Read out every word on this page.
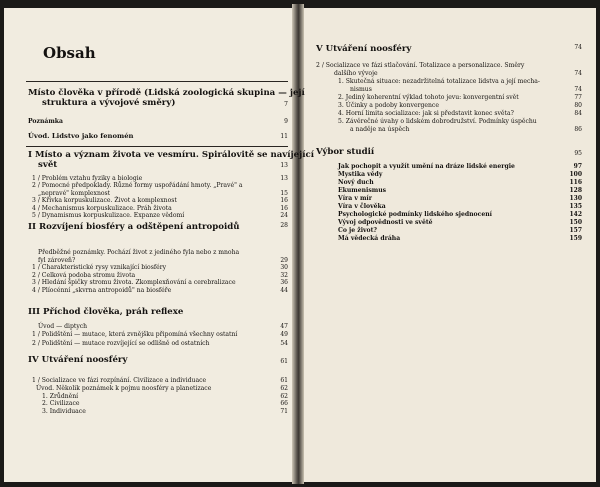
Obsah
Místo člověka v přírodě (Lidská zoologická skupina — její
struktura a vývojové směry)	7
Poznámka	9
Úvod. Lidstvo jako fenomén	11
I Místo a význam života ve vesmíru. Spirálovitě se navíjející
svět	13
1 / Problém vztahu fyziky a biologie	13
2 / Pomocné předpoklady. Různé formy uspořádání hmoty. „Pravé" a
„nepravé" komplexnost	15
3 / Křivka korpuskulizace. Život a komplexnost	16
4 / Mechanismus korpuskulizace. Práh života	16
5 / Dynamismus korpuskulizace. Expanze vědomí	24
II Rozvíjení biosféry a odštěpení antropoidů	28
Předběžné poznámky. Pochází život z jediného fyla nebo z mnoha
fyl zároveň?	29
1 / Charakteristické rysy vznikající biosféry	30
2 / Celková podoba stromu života	32
3 / Hledání špičky stromu života. Zkomplexňování a cerebralizace	36
4 / Plíocénní „skvrna antropoidů" na biosféře	44
III Příchod člověka, práh reflexe
Úvod — diptych	47
1 / Polidštění — mutace, která zvnějšku připomíná všechny ostatní	49
2 / Polidštění — mutace rozvíjející se odlišně od ostatních	54
IV Utváření noosféry	61
1 / Socializace ve fázi rozpínání. Civilizace a individuace	61
Úvod. Několik poznámek k pojmu noosféry a planetizace	62
1. Zrůdnění	62
2. Civilizace	66
3. Individuace	71
V Utváření noosféry	74
2 / Socializace ve fázi stlačování. Totalizace a personalizace. Směry
dalšího vývoje	74
1. Skutečná situace: nezadržitelná totalizace lidstva a její mecha-
nismus	74
2. Jediný koherentní výklad tohoto jevu: konvergentní svět	77
3. Účinky a podoby konvergence	80
4. Horní limita socializace: jak si představit konec světa?	84
5. Závěrečné úvahy o lidském dobrodružství. Podmínky úspěchu
a naděje na úspěch	86
Výbor studií	95
Jak pochopit a využít umění na dráze lidské energie	97
Mystika vědy	100
Nový duch	116
Ekumenismus	128
Víra v mír	130
Víra v člověka	135
Psychologické podmínky lidského sjednocení	142
Vývoj odpovědnosti ve světě	150
Co je život?	157
Má vědecká dráha	159
